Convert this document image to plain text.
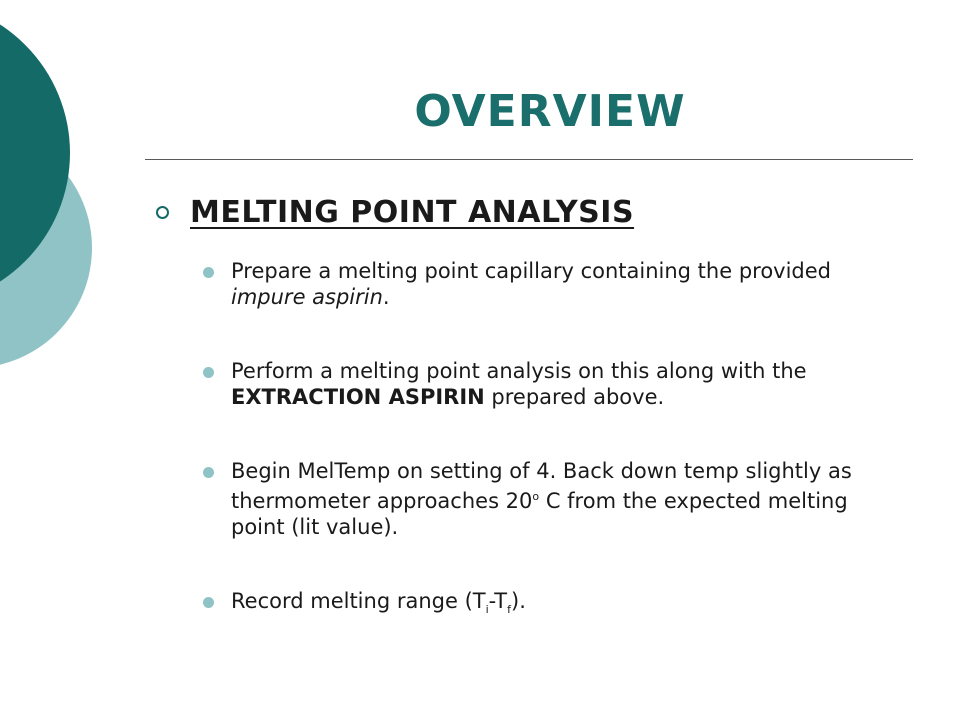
OVERVIEW
MELTING POINT ANALYSIS
Prepare a melting point capillary containing the provided impure aspirin.
Perform a melting point analysis on this along with the EXTRACTION ASPIRIN prepared above.
Begin MelTemp on setting of 4. Back down temp slightly as thermometer approaches 20$^o$ C from the expected melting point (lit value).
Record melting range $(T_i-T_f)$.
